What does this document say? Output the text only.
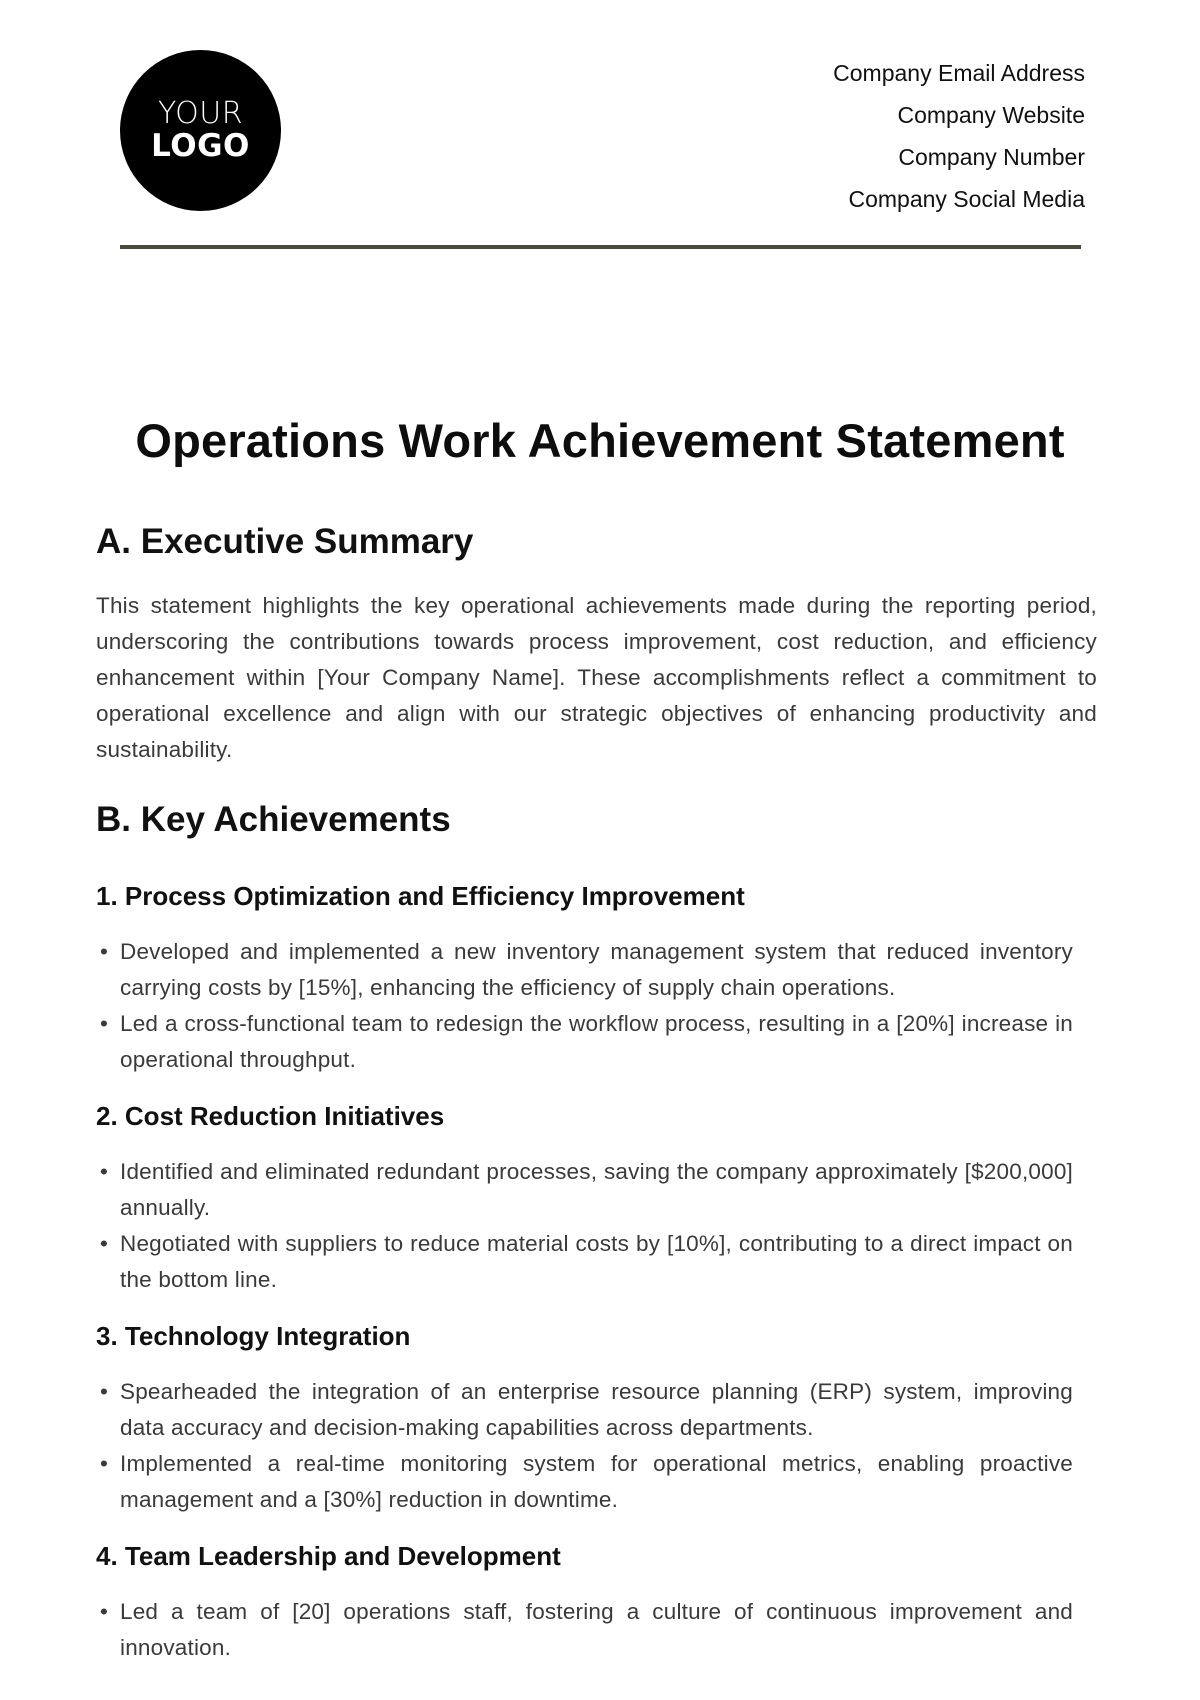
YOUR
LOGO
Company Email Address
Company Website
Company Number
Company Social Media
Operations Work Achievement Statement
A. Executive Summary

This statement highlights the key operational achievements made during the reporting period, underscoring the contributions towards process improvement, cost reduction, and efficiency enhancement within [Your Company Name]. These accomplishments reflect a commitment to operational excellence and align with our strategic objectives of enhancing productivity and sustainability.

B. Key Achievements
1. Process Optimization and Efficiency Improvement
• Developed and implemented a new inventory management system that reduced inventory carrying costs by [15%], enhancing the efficiency of supply chain operations.
• Led a cross-functional team to redesign the workflow process, resulting in a [20%] increase in operational throughput.
2. Cost Reduction Initiatives
• Identified and eliminated redundant processes, saving the company approximately [$200,000] annually.
• Negotiated with suppliers to reduce material costs by [10%], contributing to a direct impact on the bottom line.
3. Technology Integration
• Spearheaded the integration of an enterprise resource planning (ERP) system, improving data accuracy and decision-making capabilities across departments.
• Implemented a real-time monitoring system for operational metrics, enabling proactive management and a [30%] reduction in downtime.
4. Team Leadership and Development
• Led a team of [20] operations staff, fostering a culture of continuous improvement and innovation.
